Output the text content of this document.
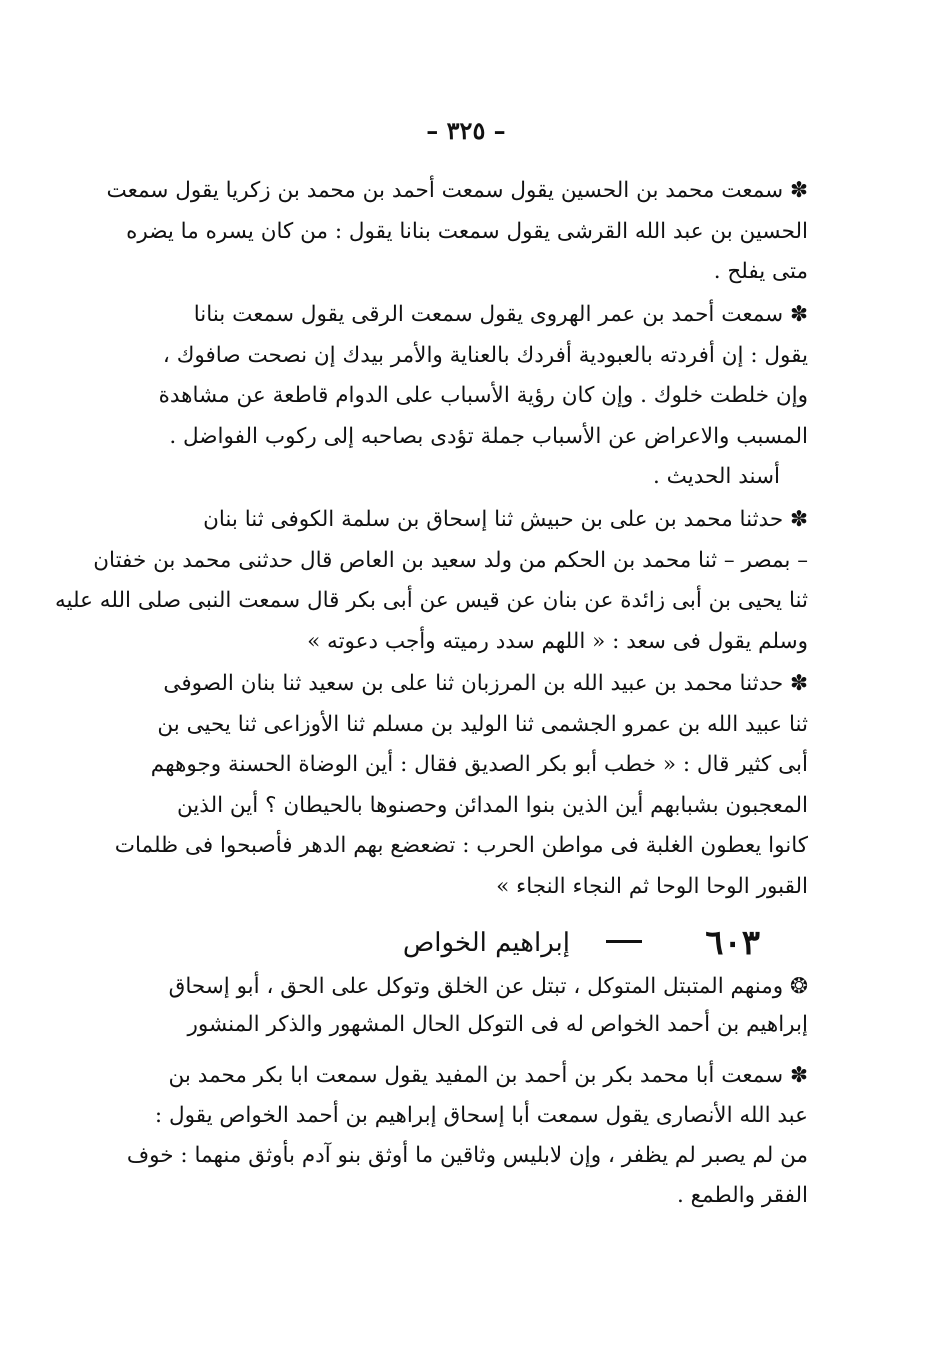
– ٣٢٥ –
✽ سمعت محمد بن الحسين يقول سمعت أحمد بن محمد بن زكريا يقول سمعت
الحسين بن عبد الله القرشى يقول سمعت بنانا يقول : من كان يسره ما يضره
متى يفلح .
✽ سمعت أحمد بن عمر الهروى يقول سمعت الرقى يقول سمعت بنانا
يقول : إن أفردته بالعبودية أفردك بالعناية والأمر بيدك إن نصحت صافوك ،
وإن خلطت خلوك . وإن كان رؤية الأسباب على الدوام قاطعة عن مشاهدة
المسبب والاعراض عن الأسباب جملة تؤدى بصاحبه إلى ركوب الفواضل .
أسند الحديث .
✽ حدثنا محمد بن على بن حبيش ثنا إسحاق بن سلمة الكوفى ثنا بنان
– بمصر – ثنا محمد بن الحكم من ولد سعيد بن العاص قال حدثنى محمد بن خفتان
ثنا يحيى بن أبى زائدة عن بنان عن قيس عن أبى بكر قال سمعت النبى صلى الله عليه
وسلم يقول فى سعد : « اللهم سدد رميته وأجب دعوته »
✽ حدثنا محمد بن عبيد الله بن المرزبان ثنا على بن سعيد ثنا بنان الصوفى
ثنا عبيد الله بن عمرو الجشمى ثنا الوليد بن مسلم ثنا الأوزاعى ثنا يحيى بن
أبى كثير قال : « خطب أبو بكر الصديق فقال : أين الوضاة الحسنة وجوههم
المعجبون بشبابهم أين الذين بنوا المدائن وحصنوها بالحيطان ؟ أين الذين
كانوا يعطون الغلبة فى مواطن الحرب : تضعضع بهم الدهر فأصبحوا فى ظلمات
القبور الوحا الوحا ثم النجاء النجاء »
٦٠٣
إبراهيم الخواص
❂ ومنهم المتبتل المتوكل ، تبتل عن الخلق وتوكل على الحق ، أبو إسحاق
إبراهيم بن أحمد الخواص له فى التوكل الحال المشهور والذكر المنشور
✽ سمعت أبا محمد بكر بن أحمد بن المفيد يقول سمعت ابا بكر محمد بن
عبد الله الأنصارى يقول سمعت أبا إسحاق إبراهيم بن أحمد الخواص يقول :
من لم يصبر لم يظفر ، وإن لابليس وثاقين ما أوثق بنو آدم بأوثق منهما : خوف
الفقر والطمع .
